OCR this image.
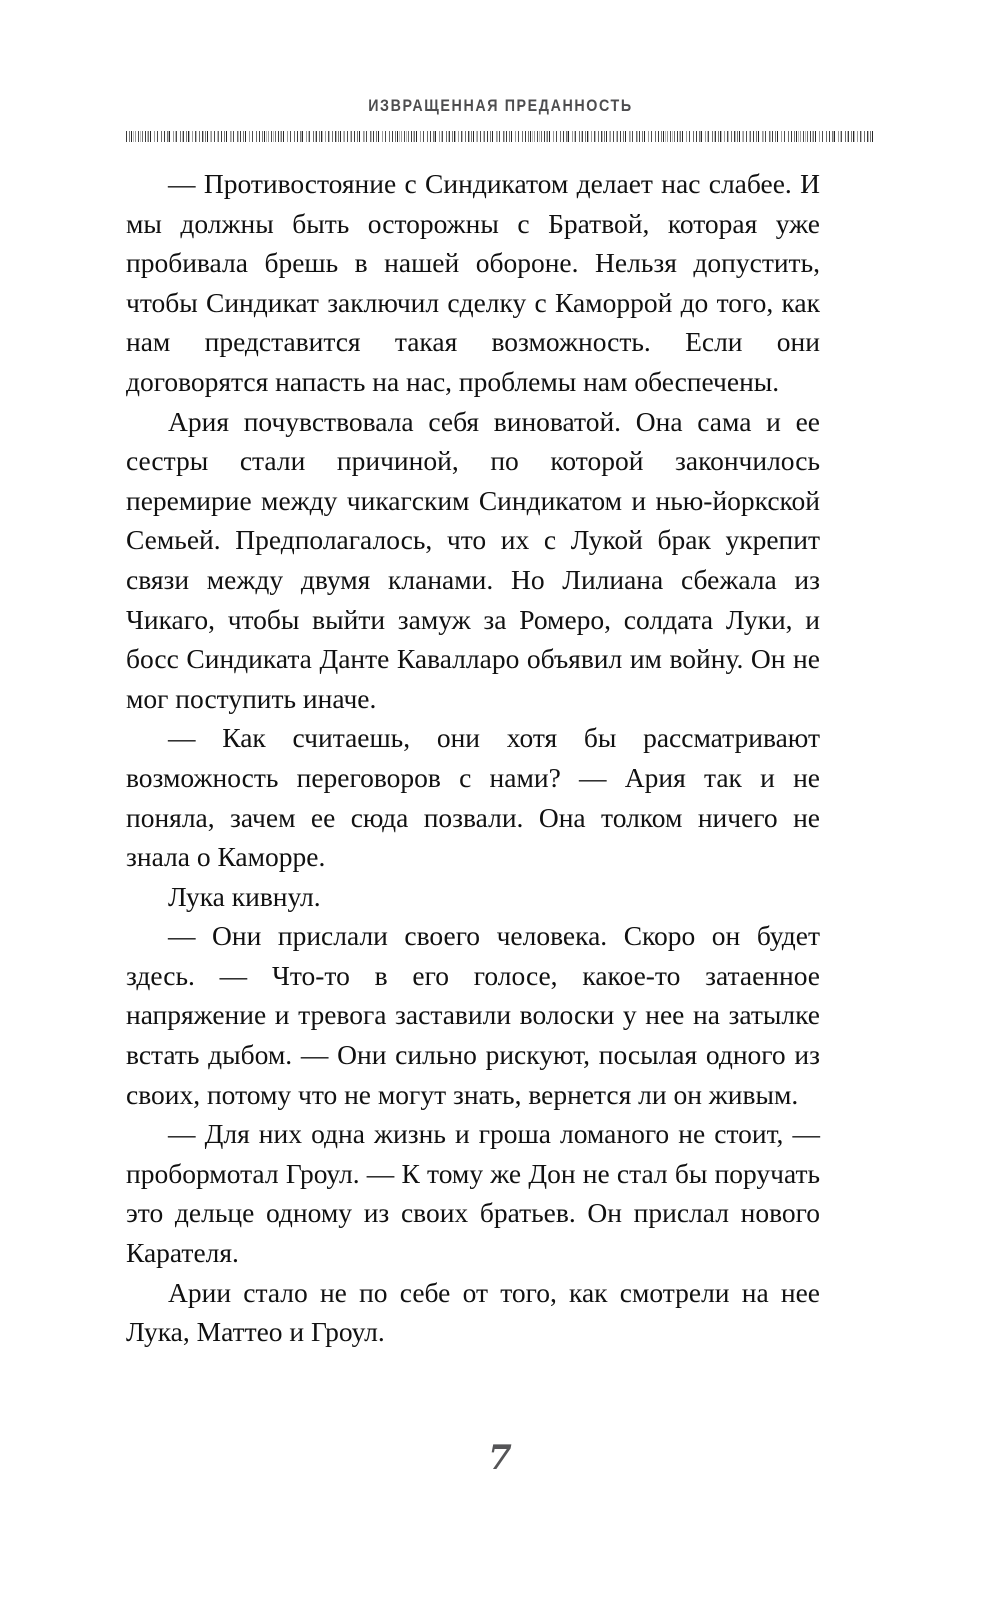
ИЗВРАЩЕННАЯ ПРЕДАННОСТЬ

— Противостояние с Синдикатом делает нас слабее. И мы должны быть осторожны с Братвой, которая уже пробивала брешь в нашей обороне. Нельзя допустить, чтобы Синдикат заключил сделку с Каморрой до того, как нам представится такая возможность. Если они договорятся напасть на нас, проблемы нам обеспечены.

Ария почувствовала себя виноватой. Она сама и ее сестры стали причиной, по которой закончилось перемирие между чикагским Синдикатом и нью-йоркской Семьей. Предполагалось, что их с Лукой брак укрепит связи между двумя кланами. Но Лилиана сбежала из Чикаго, чтобы выйти замуж за Ромеро, солдата Луки, и босс Синдиката Данте Кавалларо объявил им войну. Он не мог поступить иначе.

— Как считаешь, они хотя бы рассматривают возможность переговоров с нами? — Ария так и не поняла, зачем ее сюда позвали. Она толком ничего не знала о Каморре.

Лука кивнул.

— Они прислали своего человека. Скоро он будет здесь. — Что-то в его голосе, какое-то затаенное напряжение и тревога заставили волоски у нее на затылке встать дыбом. — Они сильно рискуют, посылая одного из своих, потому что не могут знать, вернется ли он живым.

— Для них одна жизнь и гроша ломаного не стоит, — пробормотал Гроул. — К тому же Дон не стал бы поручать это дельце одному из своих братьев. Он прислал нового Карателя.

Арии стало не по себе от того, как смотрели на нее Лука, Маттео и Гроул.

7
